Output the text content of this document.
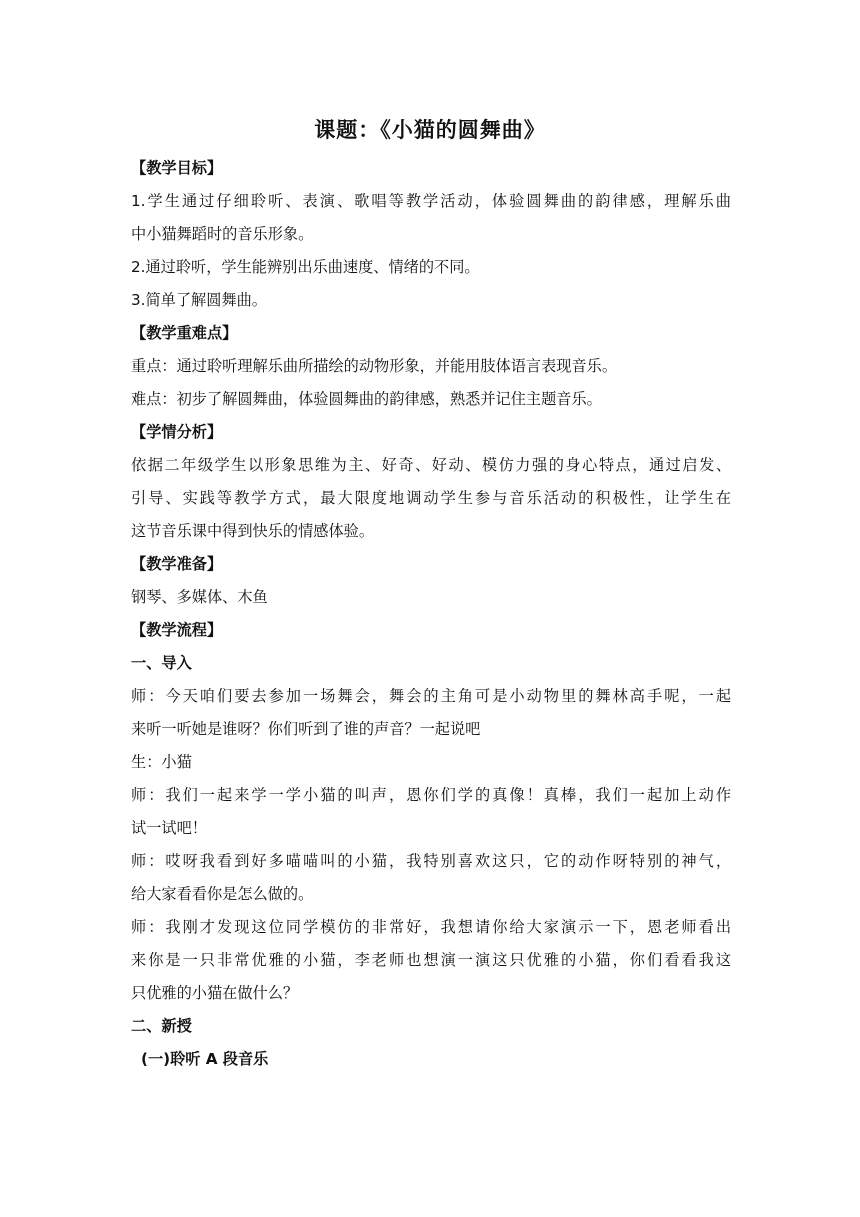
课题：《小猫的圆舞曲》
【教学目标】
1.学生通过仔细聆听、表演、歌唱等教学活动，体验圆舞曲的韵律感，理解乐曲
中小猫舞蹈时的音乐形象。
2.通过聆听，学生能辨别出乐曲速度、情绪的不同。
3.简单了解圆舞曲。
【教学重难点】
重点：通过聆听理解乐曲所描绘的动物形象，并能用肢体语言表现音乐。
难点：初步了解圆舞曲，体验圆舞曲的韵律感，熟悉并记住主题音乐。
【学情分析】
依据二年级学生以形象思维为主、好奇、好动、模仿力强的身心特点，通过启发、
引导、实践等教学方式，最大限度地调动学生参与音乐活动的积极性，让学生在
这节音乐课中得到快乐的情感体验。
【教学准备】
钢琴、多媒体、木鱼
【教学流程】
一、导入
师：今天咱们要去参加一场舞会，舞会的主角可是小动物里的舞林高手呢，一起
来听一听她是谁呀？你们听到了谁的声音？一起说吧
生：小猫
师：我们一起来学一学小猫的叫声，恩你们学的真像！真棒，我们一起加上动作
试一试吧！
师：哎呀我看到好多喵喵叫的小猫，我特别喜欢这只，它的动作呀特别的神气，
给大家看看你是怎么做的。
师：我刚才发现这位同学模仿的非常好，我想请你给大家演示一下，恩老师看出
来你是一只非常优雅的小猫，李老师也想演一演这只优雅的小猫，你们看看我这
只优雅的小猫在做什么？
二、新授
(一)聆听 A 段音乐
